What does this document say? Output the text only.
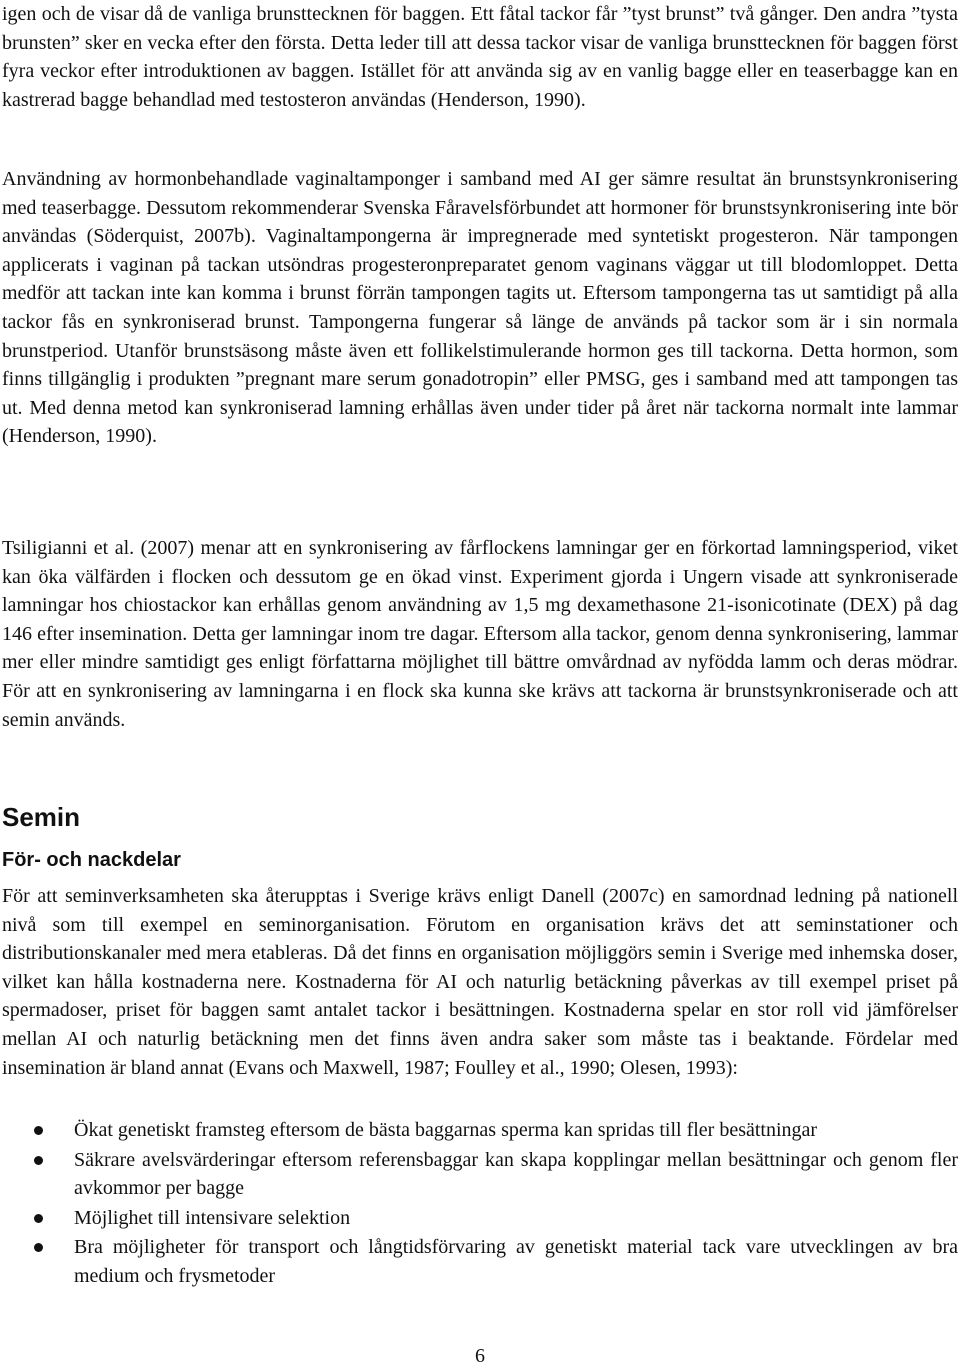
igen och de visar då de vanliga brunsttecknen för baggen. Ett fåtal tackor får ”tyst brunst” två gånger. Den andra ”tysta brunsten” sker en vecka efter den första. Detta leder till att dessa tackor visar de vanliga brunsttecknen för baggen först fyra veckor efter introduktionen av baggen. Istället för att använda sig av en vanlig bagge eller en teaserbagge kan en kastrerad bagge behandlad med testosteron användas (Henderson, 1990).

Användning av hormonbehandlade vaginaltamponger i samband med AI ger sämre resultat än brunstsynkronisering med teaserbagge. Dessutom rekommenderar Svenska Fåravelsförbundet att hormoner för brunstsynkronisering inte bör användas (Söderquist, 2007b). Vaginaltampongerna är impregnerade med syntetiskt progesteron. När tampongen applicerats i vaginan på tackan utsöndras progesteronpreparatet genom vaginans väggar ut till blodomloppet. Detta medför att tackan inte kan komma i brunst förrän tampongen tagits ut. Eftersom tampongerna tas ut samtidigt på alla tackor fås en synkroniserad brunst. Tampongerna fungerar så länge de används på tackor som är i sin normala brunstperiod. Utanför brunstsäsong måste även ett follikelstimulerande hormon ges till tackorna. Detta hormon, som finns tillgänglig i produkten ”pregnant mare serum gonadotropin” eller PMSG, ges i samband med att tampongen tas ut. Med denna metod kan synkroniserad lamning erhållas även under tider på året när tackorna normalt inte lammar (Henderson, 1990).

Tsiligianni et al. (2007) menar att en synkronisering av fårflockens lamningar ger en förkortad lamningsperiod, viket kan öka välfärden i flocken och dessutom ge en ökad vinst. Experiment gjorda i Ungern visade att synkroniserade lamningar hos chiostackor kan erhållas genom användning av 1,5 mg dexamethasone 21-isonicotinate (DEX) på dag 146 efter insemination. Detta ger lamningar inom tre dagar. Eftersom alla tackor, genom denna synkronisering, lammar mer eller mindre samtidigt ges enligt författarna möjlighet till bättre omvårdnad av nyfödda lamm och deras mödrar. För att en synkronisering av lamningarna i en flock ska kunna ske krävs att tackorna är brunstsynkroniserade och att semin används.

Semin
För- och nackdelar

För att seminverksamheten ska återupptas i Sverige krävs enligt Danell (2007c) en samordnad ledning på nationell nivå som till exempel en seminorganisation. Förutom en organisation krävs det att seminstationer och distributionskanaler med mera etableras. Då det finns en organisation möjliggörs semin i Sverige med inhemska doser, vilket kan hålla kostnaderna nere. Kostnaderna för AI och naturlig betäckning påverkas av till exempel priset på spermadoser, priset för baggen samt antalet tackor i besättningen. Kostnaderna spelar en stor roll vid jämförelser mellan AI och naturlig betäckning men det finns även andra saker som måste tas i beaktande. Fördelar med insemination är bland annat (Evans och Maxwell, 1987; Foulley et al., 1990; Olesen, 1993):

Ökat genetiskt framsteg eftersom de bästa baggarnas sperma kan spridas till fler besättningar
Säkrare avelsvärderingar eftersom referensbaggar kan skapa kopplingar mellan besättningar och genom fler avkommor per bagge
Möjlighet till intensivare selektion
Bra möjligheter för transport och långtidsförvaring av genetiskt material tack vare utvecklingen av bra medium och frysmetoder

6
